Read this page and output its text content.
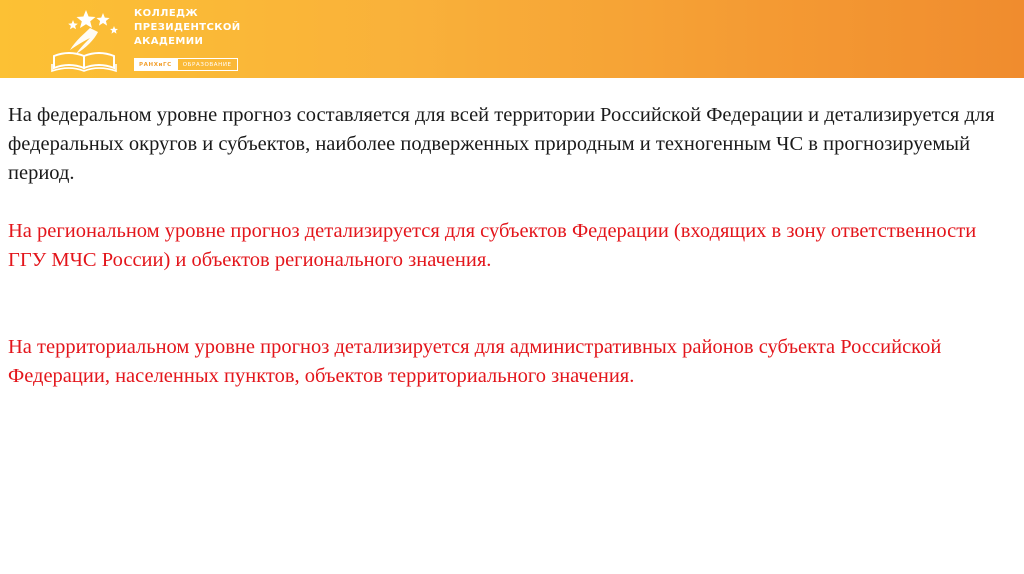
КОЛЛЕДЖ
ПРЕЗИДЕНТСКОЙ
АКАДЕМИИ
РАНХиГС	ОБРАЗОВАНИЕ

На федеральном уровне прогноз составляется для всей территории Российской Федерации и детализируется для федеральных округов и субъектов, наиболее подверженных природным и техногенным ЧС в прогнозируемый период.

На региональном уровне прогноз детализируется для субъектов Федерации (входящих в зону ответственности ГГУ МЧС России) и объектов регионального значения.

На территориальном уровне прогноз детализируется для административных районов субъекта Российской Федерации, населенных пунктов, объектов территориального значения.
